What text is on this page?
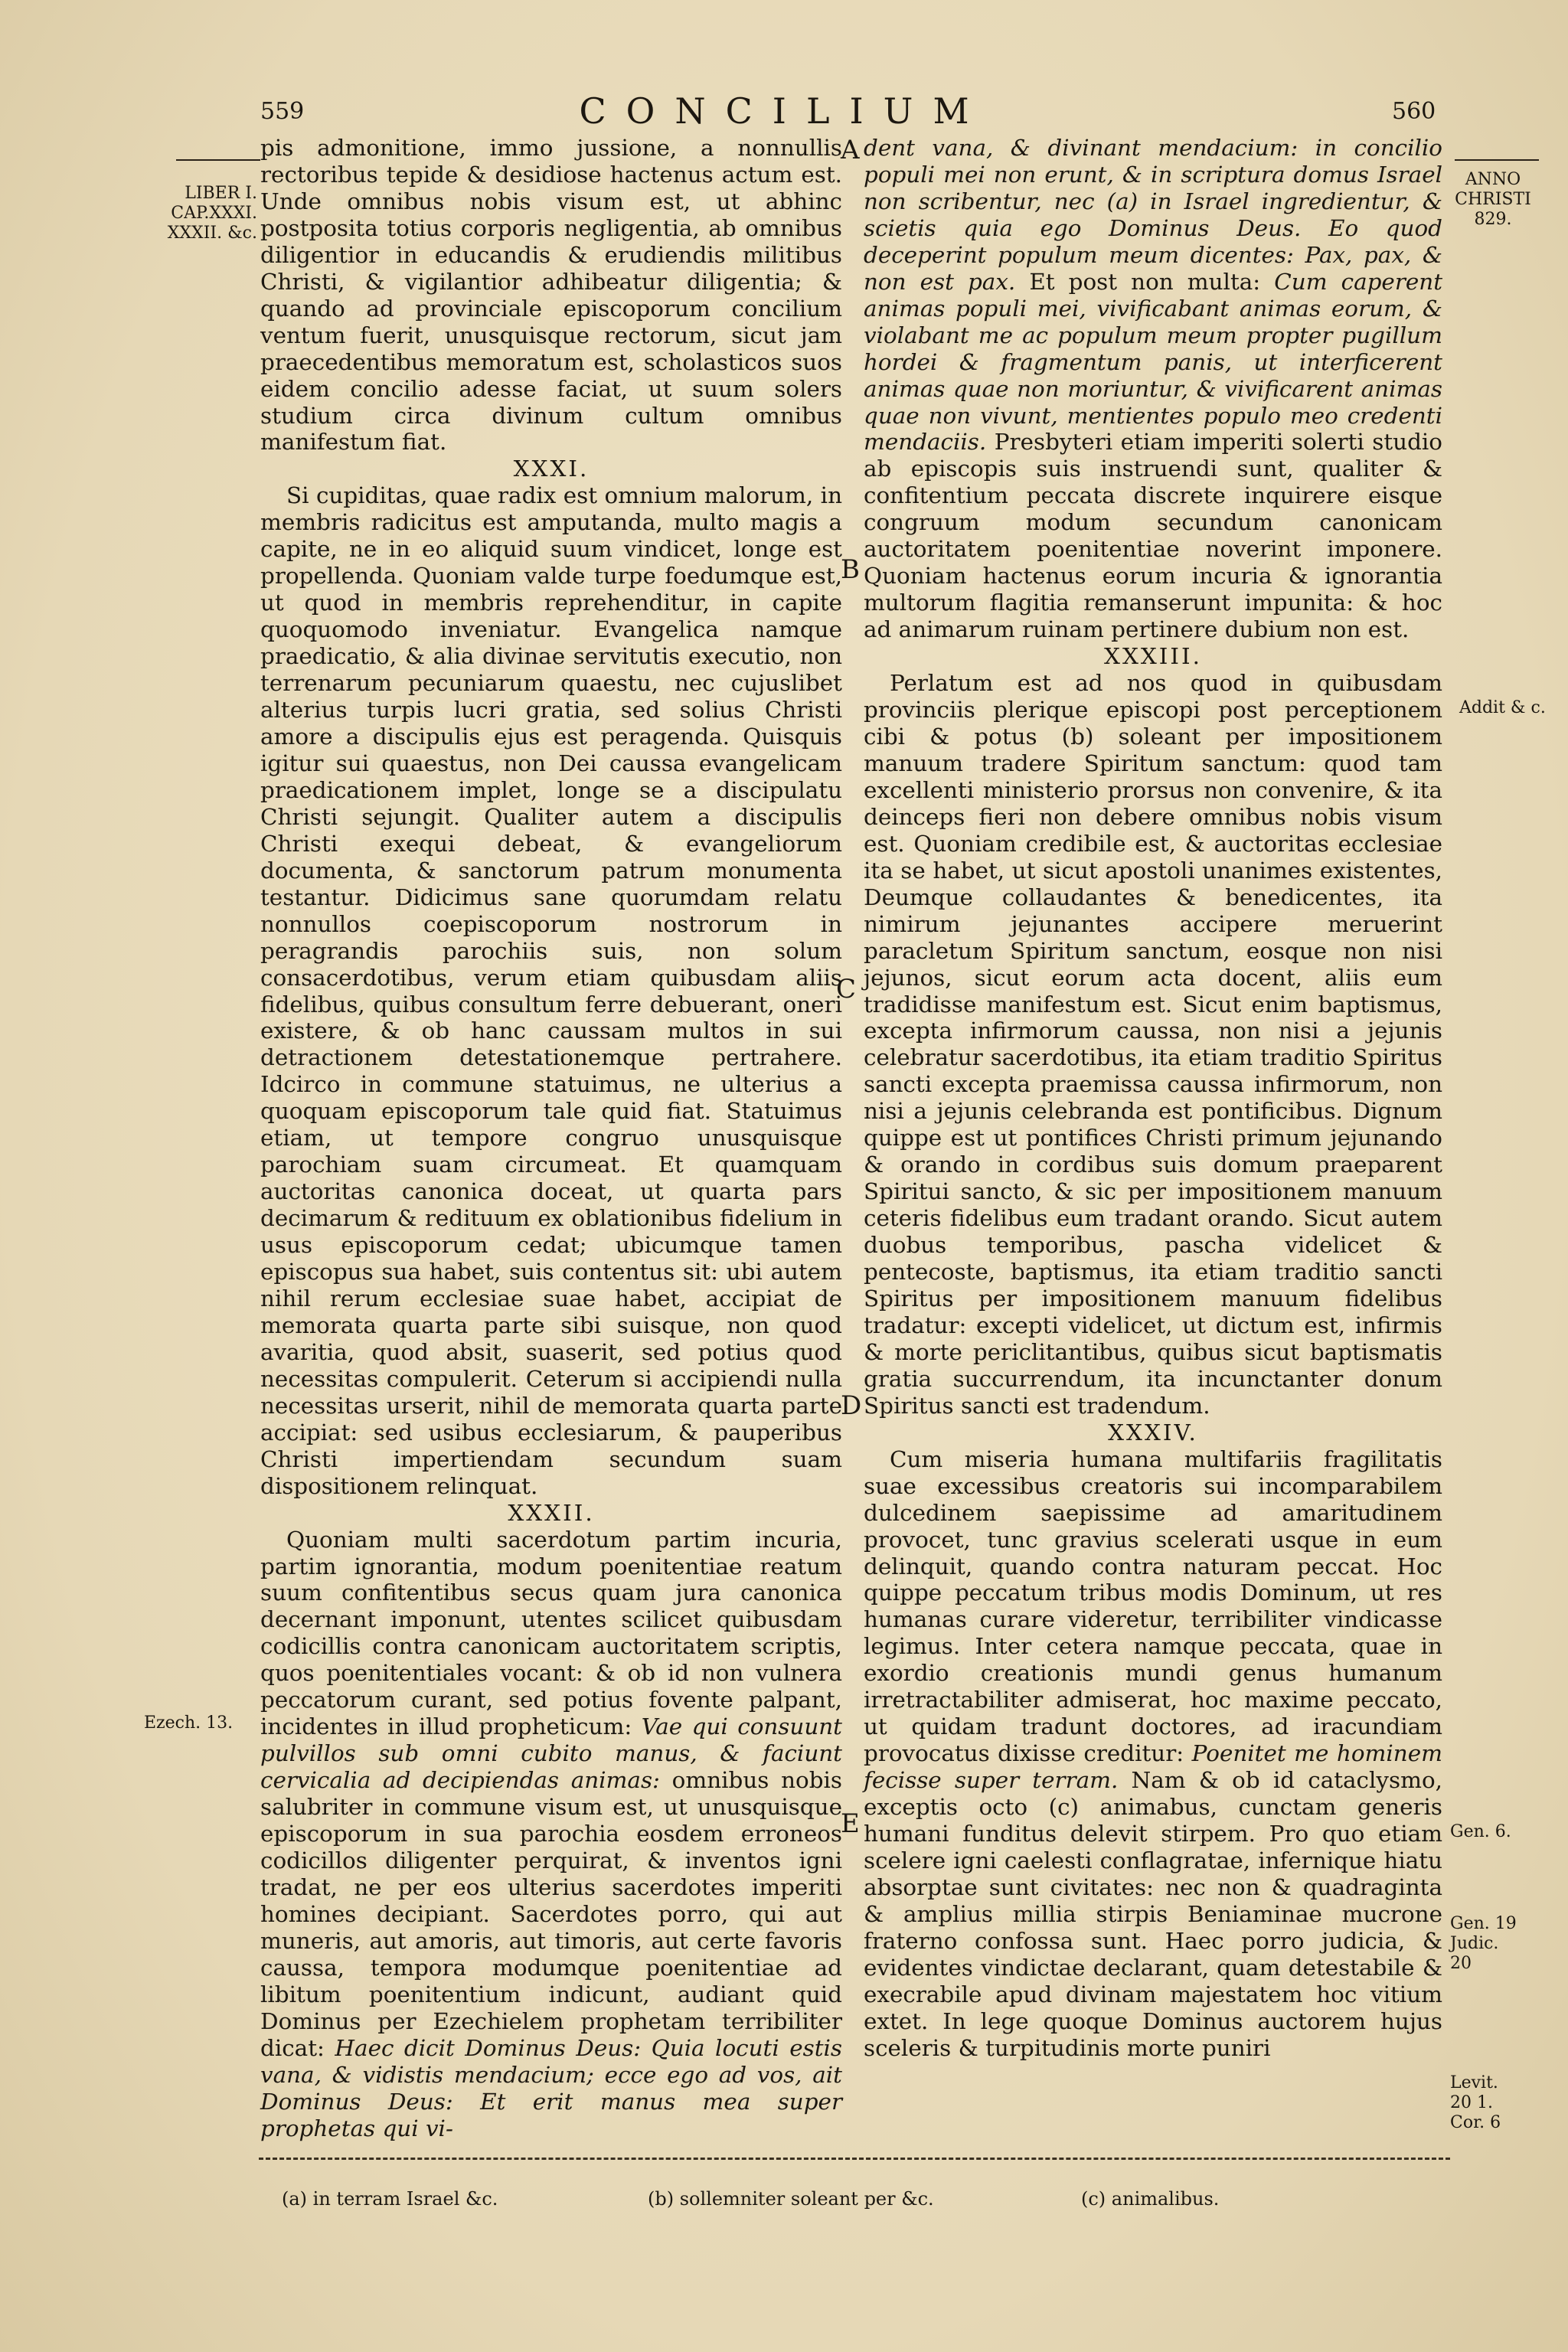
559	CONCILIUM	560
LIBER I. CAP.XXXI. XXXII. &c.
ANNO CHRISTI 829.
Ezech. 13.
Addit & c.
Gen. 6.
Gen. 19 Judic. 20
Levit. 20 1. Cor. 6
A
B
C
D
E

pis admonitione, immo jussione, a nonnullis rectoribus tepide & desidiose hactenus actum est. Unde omnibus nobis visum est, ut abhinc postposita totius corporis negligentia, ab omnibus diligentior in educandis & erudiendis militibus Christi, & vigilantior adhibeatur diligentia; & quando ad provinciale episcoporum concilium ventum fuerit, unusquisque rectorum, sicut jam praecedentibus memoratum est, scholasticos suos eidem concilio adesse faciat, ut suum solers studium circa divinum cultum omnibus manifestum fiat.

XXXI.

Si cupiditas, quae radix est omnium malorum, in membris radicitus est amputanda, multo magis a capite, ne in eo aliquid suum vindicet, longe est propellenda. Quoniam valde turpe foedumque est, ut quod in membris reprehenditur, in capite quoquomodo inveniatur. Evangelica namque praedicatio, & alia divinae servitutis executio, non terrenarum pecuniarum quaestu, nec cujuslibet alterius turpis lucri gratia, sed solius Christi amore a discipulis ejus est peragenda. Quisquis igitur sui quaestus, non Dei caussa evangelicam praedicationem implet, longe se a discipulatu Christi sejungit. Qualiter autem a discipulis Christi exequi debeat, & evangeliorum documenta, & sanctorum patrum monumenta testantur. Didicimus sane quorumdam relatu nonnullos coepiscoporum nostrorum in peragrandis parochiis suis, non solum consacerdotibus, verum etiam quibusdam aliis fidelibus, quibus consultum ferre debuerant, oneri existere, & ob hanc caussam multos in sui detractionem detestationemque pertrahere. Idcirco in commune statuimus, ne ulterius a quoquam episcoporum tale quid fiat. Statuimus etiam, ut tempore congruo unusquisque parochiam suam circumeat. Et quamquam auctoritas canonica doceat, ut quarta pars decimarum & redituum ex oblationibus fidelium in usus episcoporum cedat; ubicumque tamen episcopus sua habet, suis contentus sit: ubi autem nihil rerum ecclesiae suae habet, accipiat de memorata quarta parte sibi suisque, non quod avaritia, quod absit, suaserit, sed potius quod necessitas compulerit. Ceterum si accipiendi nulla necessitas urserit, nihil de memorata quarta parte accipiat: sed usibus ecclesiarum, & pauperibus Christi impertiendam secundum suam dispositionem relinquat.

XXXII.

Quoniam multi sacerdotum partim incuria, partim ignorantia, modum poenitentiae reatum suum confitentibus secus quam jura canonica decernant imponunt, utentes scilicet quibusdam codicillis contra canonicam auctoritatem scriptis, quos poenitentiales vocant: & ob id non vulnera peccatorum curant, sed potius fovente palpant, incidentes in illud propheticum: Vae qui consuunt pulvillos sub omni cubito manus, & faciunt cervicalia ad decipiendas animas: omnibus nobis salubriter in commune visum est, ut unusquisque episcoporum in sua parochia eosdem erroneos codicillos diligenter perquirat, & inventos igni tradat, ne per eos ulterius sacerdotes imperiti homines decipiant. Sacerdotes porro, qui aut muneris, aut amoris, aut timoris, aut certe favoris caussa, tempora modumque poenitentiae ad libitum poenitentium indicunt, audiant quid Dominus per Ezechielem prophetam terribiliter dicat: Haec dicit Dominus Deus: Quia locuti estis vana, & vidistis mendacium; ecce ego ad vos, ait Dominus Deus: Et erit manus mea super prophetas qui vi-

dent vana, & divinant mendacium: in concilio populi mei non erunt, & in scriptura domus Israel non scribentur, nec (a) in Israel ingredientur, & scietis quia ego Dominus Deus. Eo quod deceperint populum meum dicentes: Pax, pax, & non est pax. Et post non multa: Cum caperent animas populi mei, vivificabant animas eorum, & violabant me ac populum meum propter pugillum hordei & fragmentum panis, ut interficerent animas quae non moriuntur, & vivificarent animas quae non vivunt, mentientes populo meo credenti mendaciis. Presbyteri etiam imperiti solerti studio ab episcopis suis instruendi sunt, qualiter & confitentium peccata discrete inquirere eisque congruum modum secundum canonicam auctoritatem poenitentiae noverint imponere. Quoniam hactenus eorum incuria & ignorantia multorum flagitia remanserunt impunita: & hoc ad animarum ruinam pertinere dubium non est.

XXXIII.

Perlatum est ad nos quod in quibusdam provinciis plerique episcopi post perceptionem cibi & potus (b) soleant per impositionem manuum tradere Spiritum sanctum: quod tam excellenti ministerio prorsus non convenire, & ita deinceps fieri non debere omnibus nobis visum est. Quoniam credibile est, & auctoritas ecclesiae ita se habet, ut sicut apostoli unanimes existentes, Deumque collaudantes & benedicentes, ita nimirum jejunantes accipere meruerint paracletum Spiritum sanctum, eosque non nisi jejunos, sicut eorum acta docent, aliis eum tradidisse manifestum est. Sicut enim baptismus, excepta infirmorum caussa, non nisi a jejunis celebratur sacerdotibus, ita etiam traditio Spiritus sancti excepta praemissa caussa infirmorum, non nisi a jejunis celebranda est pontificibus. Dignum quippe est ut pontifices Christi primum jejunando & orando in cordibus suis domum praeparent Spiritui sancto, & sic per impositionem manuum ceteris fidelibus eum tradant orando. Sicut autem duobus temporibus, pascha videlicet & pentecoste, baptismus, ita etiam traditio sancti Spiritus per impositionem manuum fidelibus tradatur: excepti videlicet, ut dictum est, infirmis & morte periclitantibus, quibus sicut baptismatis gratia succurrendum, ita incunctanter donum Spiritus sancti est tradendum.

XXXIV.

Cum miseria humana multifariis fragilitatis suae excessibus creatoris sui incomparabilem dulcedinem saepissime ad amaritudinem provocet, tunc gravius scelerati usque in eum delinquit, quando contra naturam peccat. Hoc quippe peccatum tribus modis Dominum, ut res humanas curare videretur, terribiliter vindicasse legimus. Inter cetera namque peccata, quae in exordio creationis mundi genus humanum irretractabiliter admiserat, hoc maxime peccato, ut quidam tradunt doctores, ad iracundiam provocatus dixisse creditur: Poenitet me hominem fecisse super terram. Nam & ob id cataclysmo, exceptis octo (c) animabus, cunctam generis humani funditus delevit stirpem. Pro quo etiam scelere igni caelesti conflagratae, infernique hiatu absorptae sunt civitates: nec non & quadraginta & amplius millia stirpis Beniaminae mucrone fraterno confossa sunt. Haec porro judicia, & evidentes vindictae declarant, quam detestabile & execrabile apud divinam majestatem hoc vitium extet. In lege quoque Dominus auctorem hujus sceleris & turpitudinis morte puniri

(a) in terram Israel &c.	(b) sollemniter soleant per &c.	(c) animalibus.
